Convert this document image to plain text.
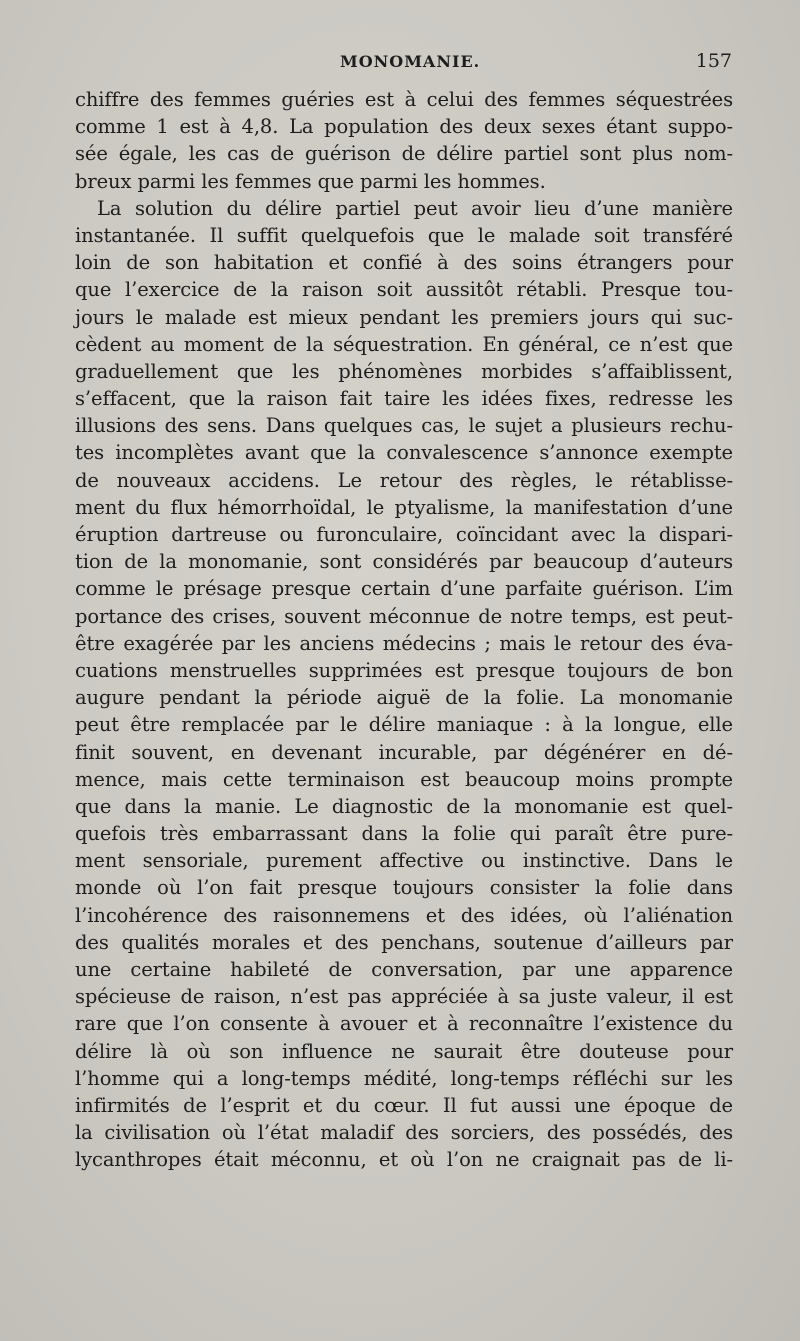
MONOMANIE.	157
chiffre des femmes guéries est à celui des femmes séquestrées
comme 1 est à 4,8. La population des deux sexes étant suppo-
sée égale, les cas de guérison de délire partiel sont plus nom-
breux parmi les femmes que parmi les hommes.
La solution du délire partiel peut avoir lieu d’une manière
instantanée. Il suffit quelquefois que le malade soit transféré
loin de son habitation et confié à des soins étrangers pour
que l’exercice de la raison soit aussitôt rétabli. Presque tou-
jours le malade est mieux pendant les premiers jours qui suc-
cèdent au moment de la séquestration. En général, ce n’est que
graduellement que les phénomènes morbides s’affaiblissent,
s’effacent, que la raison fait taire les idées fixes, redresse les
illusions des sens. Dans quelques cas, le sujet a plusieurs rechu-
tes incomplètes avant que la convalescence s’annonce exempte
de nouveaux accidens. Le retour des règles, le rétablisse-
ment du flux hémorrhoïdal, le ptyalisme, la manifestation d’une
éruption dartreuse ou furonculaire, coïncidant avec la dispari-
tion de la monomanie, sont considérés par beaucoup d’auteurs
comme le présage presque certain d’une parfaite guérison. L’im
portance des crises, souvent méconnue de notre temps, est peut-
être exagérée par les anciens médecins ; mais le retour des éva-
cuations menstruelles supprimées est presque toujours de bon
augure pendant la période aiguë de la folie. La monomanie
peut être remplacée par le délire maniaque : à la longue, elle
finit souvent, en devenant incurable, par dégénérer en dé-
mence, mais cette terminaison est beaucoup moins prompte
que dans la manie. Le diagnostic de la monomanie est quel-
quefois très embarrassant dans la folie qui paraît être pure-
ment sensoriale, purement affective ou instinctive. Dans le
monde où l’on fait presque toujours consister la folie dans
l’incohérence des raisonnemens et des idées, où l’aliénation
des qualités morales et des penchans, soutenue d’ailleurs par
une certaine habileté de conversation, par une apparence
spécieuse de raison, n’est pas appréciée à sa juste valeur, il est
rare que l’on consente à avouer et à reconnaître l’existence du
délire là où son influence ne saurait être douteuse pour
l’homme qui a long-temps médité, long-temps réfléchi sur les
infirmités de l’esprit et du cœur. Il fut aussi une époque de
la civilisation où l’état maladif des sorciers, des possédés, des
lycanthropes était méconnu, et où l’on ne craignait pas de li-
